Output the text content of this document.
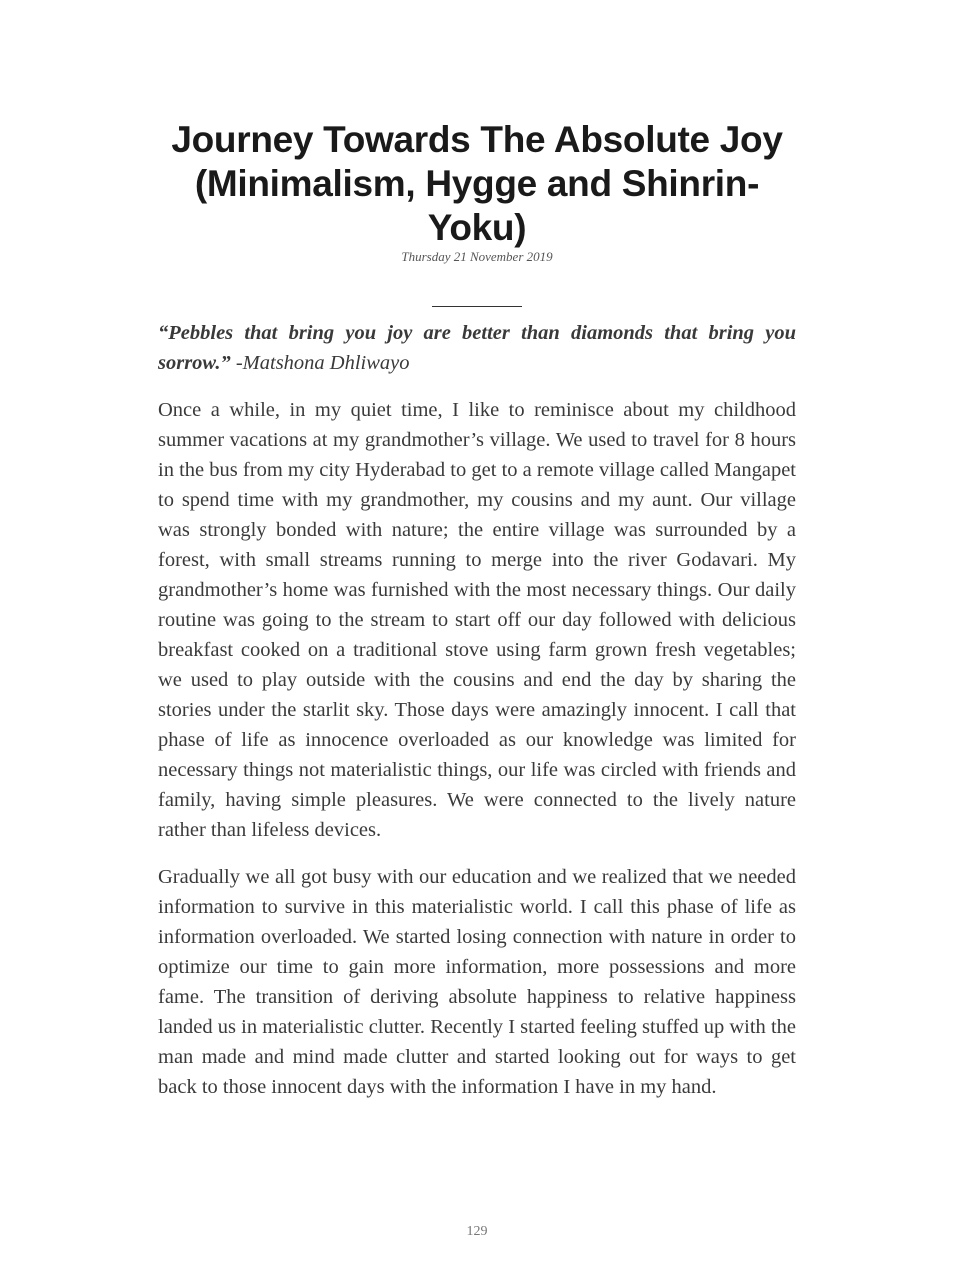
Journey Towards The Absolute Joy
(Minimalism, Hygge and Shinrin-Yoku)
Thursday 21 November 2019

“Pebbles that bring you joy are better than diamonds that bring you sorrow.” -Matshona Dhliwayo

Once a while, in my quiet time, I like to reminisce about my childhood summer vacations at my grandmother’s village. We used to travel for 8 hours in the bus from my city Hyderabad to get to a remote village called Mangapet to spend time with my grandmother, my cousins and my aunt. Our village was strongly bonded with nature; the entire village was surrounded by a forest, with small streams running to merge into the river Godavari. My grandmother’s home was furnished with the most necessary things. Our daily routine was going to the stream to start off our day followed with delicious breakfast cooked on a traditional stove using farm grown fresh vegetables; we used to play outside with the cousins and end the day by sharing the stories under the starlit sky. Those days were amazingly innocent. I call that phase of life as innocence overloaded as our knowledge was limited for necessary things not materialistic things, our life was circled with friends and family, having simple pleasures. We were connected to the lively nature rather than lifeless devices.

Gradually we all got busy with our education and we realized that we needed information to survive in this materialistic world. I call this phase of life as information overloaded. We started losing connection with nature in order to optimize our time to gain more information, more possessions and more fame. The transition of deriving absolute happiness to relative happiness landed us in materialistic clutter. Recently I started feeling stuffed up with the man made and mind made clutter and started looking out for ways to get back to those innocent days with the information I have in my hand.

129
